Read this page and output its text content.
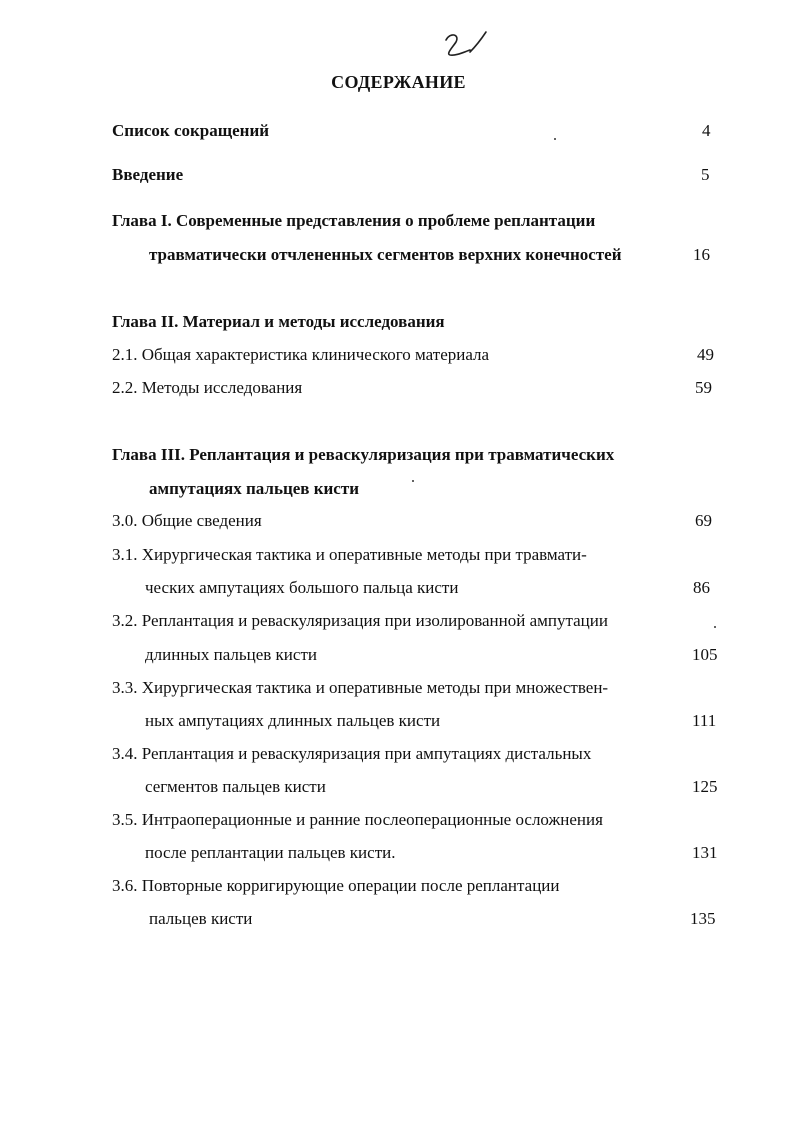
СОДЕРЖАНИЕ
Список сокращений	4
Введение	5
Глава I. Современные представления о проблеме реплантации
травматически отчлененных сегментов верхних конечностей	16
Глава II. Материал и методы исследования
2.1. Общая характеристика клинического материала	49
2.2. Методы исследования	59
Глава III. Реплантация и реваскуляризация при травматических
ампутациях пальцев кисти
3.0. Общие сведения	69
3.1. Хирургическая тактика и оперативные методы при травмати-
ческих ампутациях большого пальца кисти	86
3.2. Реплантация и реваскуляризация при изолированной ампутации
длинных пальцев кисти	105
3.3. Хирургическая тактика и оперативные методы при множествен-
ных ампутациях длинных пальцев кисти	111
3.4. Реплантация и реваскуляризация при ампутациях дистальных
сегментов пальцев кисти	125
3.5. Интраоперационные и ранние послеоперационные осложнения
после реплантации пальцев кисти.	131
3.6. Повторные корригирующие операции после реплантации
пальцев кисти	135
